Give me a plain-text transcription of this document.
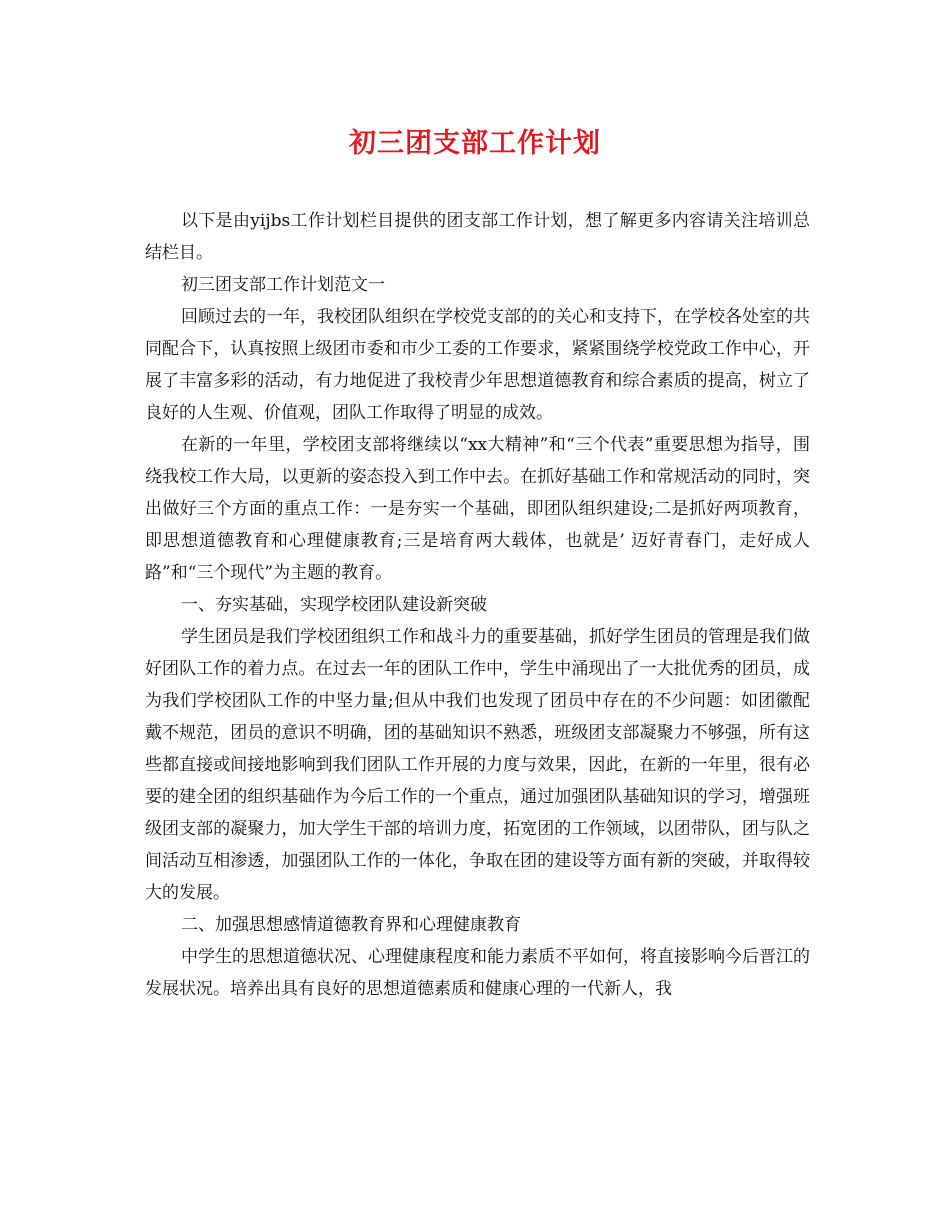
初三团支部工作计划

以下是由yijbs工作计划栏目提供的团支部工作计划，想了解更多内容请关注培训总结栏目。

初三团支部工作计划范文一

回顾过去的一年，我校团队组织在学校党支部的的关心和支持下，在学校各处室的共同配合下，认真按照上级团市委和市少工委的工作要求，紧紧围绕学校党政工作中心，开展了丰富多彩的活动，有力地促进了我校青少年思想道德教育和综合素质的提高，树立了良好的人生观、价值观，团队工作取得了明显的成效。

在新的一年里，学校团支部将继续以“xx大精神”和“三个代表”重要思想为指导，围绕我校工作大局，以更新的姿态投入到工作中去。在抓好基础工作和常规活动的同时，突出做好三个方面的重点工作：一是夯实一个基础，即团队组织建设;二是抓好两项教育，即思想道德教育和心理健康教育;三是培育两大载体，也就是’ 迈好青春门，走好成人路”和“三个现代”为主题的教育。

一、夯实基础，实现学校团队建设新突破

学生团员是我们学校团组织工作和战斗力的重要基础，抓好学生团员的管理是我们做好团队工作的着力点。在过去一年的团队工作中，学生中涌现出了一大批优秀的团员，成为我们学校团队工作的中坚力量;但从中我们也发现了团员中存在的不少问题：如团徽配戴不规范，团员的意识不明确，团的基础知识不熟悉，班级团支部凝聚力不够强，所有这些都直接或间接地影响到我们团队工作开展的力度与效果，因此，在新的一年里，很有必要的建全团的组织基础作为今后工作的一个重点，通过加强团队基础知识的学习，增强班级团支部的凝聚力，加大学生干部的培训力度，拓宽团的工作领域，以团带队，团与队之间活动互相渗透，加强团队工作的一体化，争取在团的建设等方面有新的突破，并取得较大的发展。

二、加强思想感情道德教育界和心理健康教育

中学生的思想道德状况、心理健康程度和能力素质不平如何，将直接影响今后晋江的发展状况。培养出具有良好的思想道德素质和健康心理的一代新人，我
